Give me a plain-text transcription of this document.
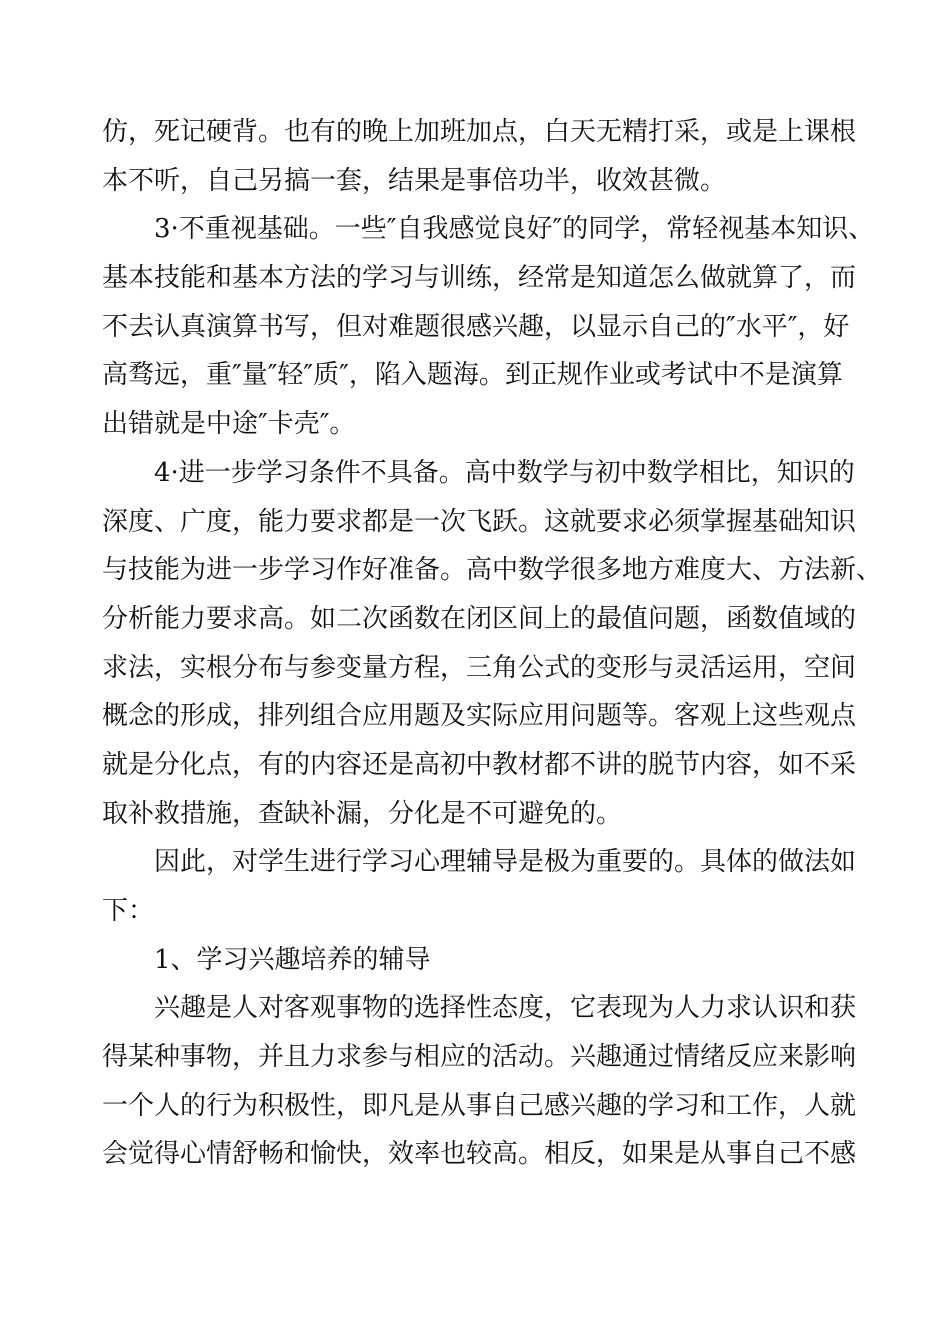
仿，死记硬背。也有的晚上加班加点，白天无精打采，或是上课根
本不听，自己另搞一套，结果是事倍功半，收效甚微。
3·不重视基础。一些″自我感觉良好″的同学，常轻视基本知识、
基本技能和基本方法的学习与训练，经常是知道怎么做就算了，而
不去认真演算书写，但对难题很感兴趣，以显示自己的″水平″，好
高骛远，重″量″轻″质″，陷入题海。到正规作业或考试中不是演算
出错就是中途″卡壳″。
4·进一步学习条件不具备。高中数学与初中数学相比，知识的
深度、广度，能力要求都是一次飞跃。这就要求必须掌握基础知识
与技能为进一步学习作好准备。高中数学很多地方难度大、方法新、
分析能力要求高。如二次函数在闭区间上的最值问题，函数值域的
求法，实根分布与参变量方程，三角公式的变形与灵活运用，空间
概念的形成，排列组合应用题及实际应用问题等。客观上这些观点
就是分化点，有的内容还是高初中教材都不讲的脱节内容，如不采
取补救措施，查缺补漏，分化是不可避免的。
因此，对学生进行学习心理辅导是极为重要的。具体的做法如
下：
1、学习兴趣培养的辅导
兴趣是人对客观事物的选择性态度，它表现为人力求认识和获
得某种事物，并且力求参与相应的活动。兴趣通过情绪反应来影响
一个人的行为积极性，即凡是从事自己感兴趣的学习和工作，人就
会觉得心情舒畅和愉快，效率也较高。相反，如果是从事自己不感
